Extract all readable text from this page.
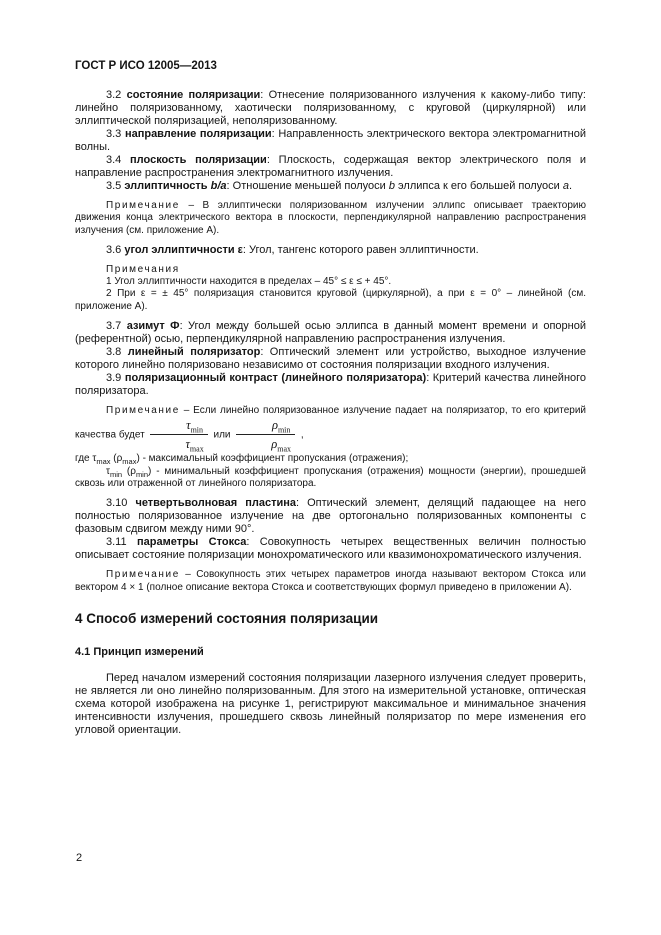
ГОСТ Р ИСО 12005—2013

3.2 состояние поляризации: Отнесение поляризованного излучения к какому-либо типу: линейно поляризованному, хаотически поляризованному, с круговой (циркулярной) или эллиптической поляризацией, неполяризованному.

3.3 направление поляризации: Направленность электрического вектора электромагнитной волны.

3.4 плоскость поляризации: Плоскость, содержащая вектор электрического поля и направление распространения электромагнитного излучения.

3.5 эллиптичность b/a: Отношение меньшей полуоси b эллипса к его большей полуоси a.

Примечание – В эллиптически поляризованном излучении эллипс описывает траекторию движения конца электрического вектора в плоскости, перпендикулярной направлению распространения излучения (см. приложение А).

3.6 угол эллиптичности ε: Угол, тангенс которого равен эллиптичности.

Примечания

1 Угол эллиптичности находится в пределах – 45° ≤ ε ≤ + 45°.

2 При ε = ± 45° поляризация становится круговой (циркулярной), а при ε = 0° – линейной (см. приложение А).

3.7 азимут Ф: Угол между большей осью эллипса в данный момент времени и опорной (референтной) осью, перпендикулярной направлению распространения излучения.

3.8 линейный поляризатор: Оптический элемент или устройство, выходное излучение которого линейно поляризовано независимо от состояния поляризации входного излучения.

3.9 поляризационный контраст (линейного поляризатора): Критерий качества линейного поляризатора.

Примечание – Если линейно поляризованное излучение падает на поляризатор, то его критерий качества будет $\frac{\tau_{min}}{\tau_{max}}$ или $\frac{\rho_{min}}{\rho_{max}}$ ,

где $\tau_{max}$ $(\rho_{max})$ - максимальный коэффициент пропускания (отражения);

$\tau_{min}$ $(\rho_{min})$ - минимальный коэффициент пропускания (отражения) мощности (энергии), прошедшей сквозь или отраженной от линейного поляризатора.

3.10 четвертьволновая пластина: Оптический элемент, делящий падающее на него полностью поляризованное излучение на две ортогонально поляризованных компоненты с фазовым сдвигом между ними 90°.

3.11 параметры Стокса: Совокупность четырех вещественных величин полностью описывает состояние поляризации монохроматического или квазимонохроматического излучения.

Примечание – Совокупность этих четырех параметров иногда называют вектором Стокса или вектором 4 × 1 (полное описание вектора Стокса и соответствующих формул приведено в приложении А).

4 Способ измерений состояния поляризации

4.1 Принцип измерений

Перед началом измерений состояния поляризации лазерного излучения следует проверить, не является ли оно линейно поляризованным. Для этого на измерительной установке, оптическая схема которой изображена на рисунке 1, регистрируют максимальное и минимальное значения интенсивности излучения, прошедшего сквозь линейный поляризатор по мере изменения его угловой ориентации.

2
